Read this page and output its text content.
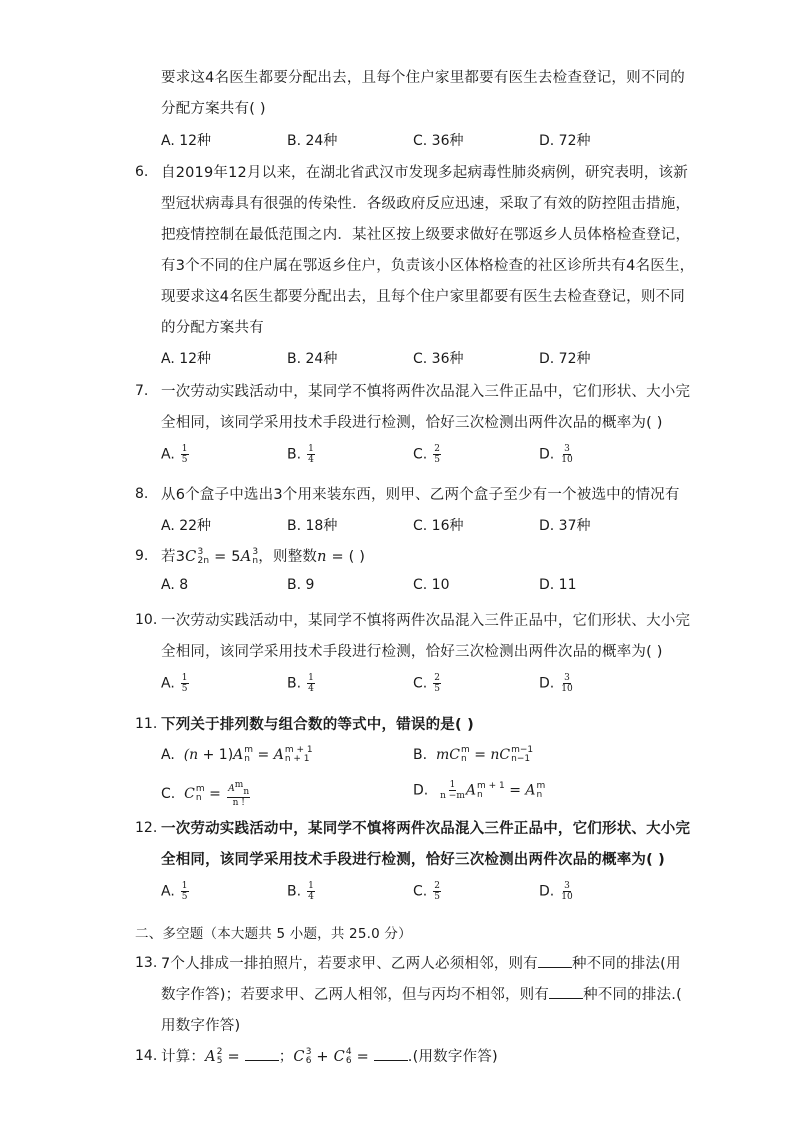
要求这4名医生都要分配出去，且每个住户家里都要有医生去检查登记，则不同的
分配方案共有( )
A. 12种	B. 24种	C. 36种	D. 72种
6. 自2019年12月以来，在湖北省武汉市发现多起病毒性肺炎病例，研究表明，该新
型冠状病毒具有很强的传染性．各级政府反应迅速，采取了有效的防控阻击措施，
把疫情控制在最低范围之内．某社区按上级要求做好在鄂返乡人员体格检查登记，
有3个不同的住户属在鄂返乡住户，负责该小区体格检查的社区诊所共有4名医生，
现要求这4名医生都要分配出去，且每个住户家里都要有医生去检查登记，则不同
的分配方案共有
A. 12种	B. 24种	C. 36种	D. 72种
7. 一次劳动实践活动中，某同学不慎将两件次品混入三件正品中，它们形状、大小完
全相同，该同学采用技术手段进行检测，恰好三次检测出两件次品的概率为( )
A. $\frac{1}{5}$	B. $\frac{1}{4}$	C. $\frac{2}{5}$	D. $\frac{3}{10}$
8. 从6个盒子中选出3个用来装东西，则甲、乙两个盒子至少有一个被选中的情况有
A. 22种	B. 18种	C. 16种	D. 37种
9. 若3C 3
2n = 5A 3
n ，则整数n = ( )
A. 8	B. 9	C. 10	D. 11
10. 一次劳动实践活动中，某同学不慎将两件次品混入三件正品中，它们形状、大小完
全相同，该同学采用技术手段进行检测，恰好三次检测出两件次品的概率为( )
A. $\frac{1}{5}$	B. $\frac{1}{4}$	C. $\frac{2}{5}$	D. $\frac{3}{10}$
11. 下列关于排列数与组合数的等式中，错误的是( )
A. (n + 1)A m
n = A m + 1
n + 1	B. mC m
n = nC m−1
n−1
C. C m
$n = \frac{A^m_n}{n !}$	D. $\frac{1}{n -m}$ A m + 1
n	= A m
n
12. 一次劳动实践活动中，某同学不慎将两件次品混入三件正品中，它们形状、大小完
全相同，该同学采用技术手段进行检测，恰好三次检测出两件次品的概率为( )
A. $\frac{1}{5}$	B. $\frac{1}{4}$	C. $\frac{2}{5}$	D. $\frac{3}{10}$
二、多空题（本大题共 5 小题，共 25.0 分）
13. 7个人排成一排拍照片，若要求甲、乙两人必须相邻，则有 种不同的排法(用
数字作答)；若要求甲、乙两人相邻，但与丙均不相邻，则有 种不同的排法.(
用数字作答)
14. 计算：A 2
5 = ；C 3
6 + C 4
6 = .(用数字作答)
